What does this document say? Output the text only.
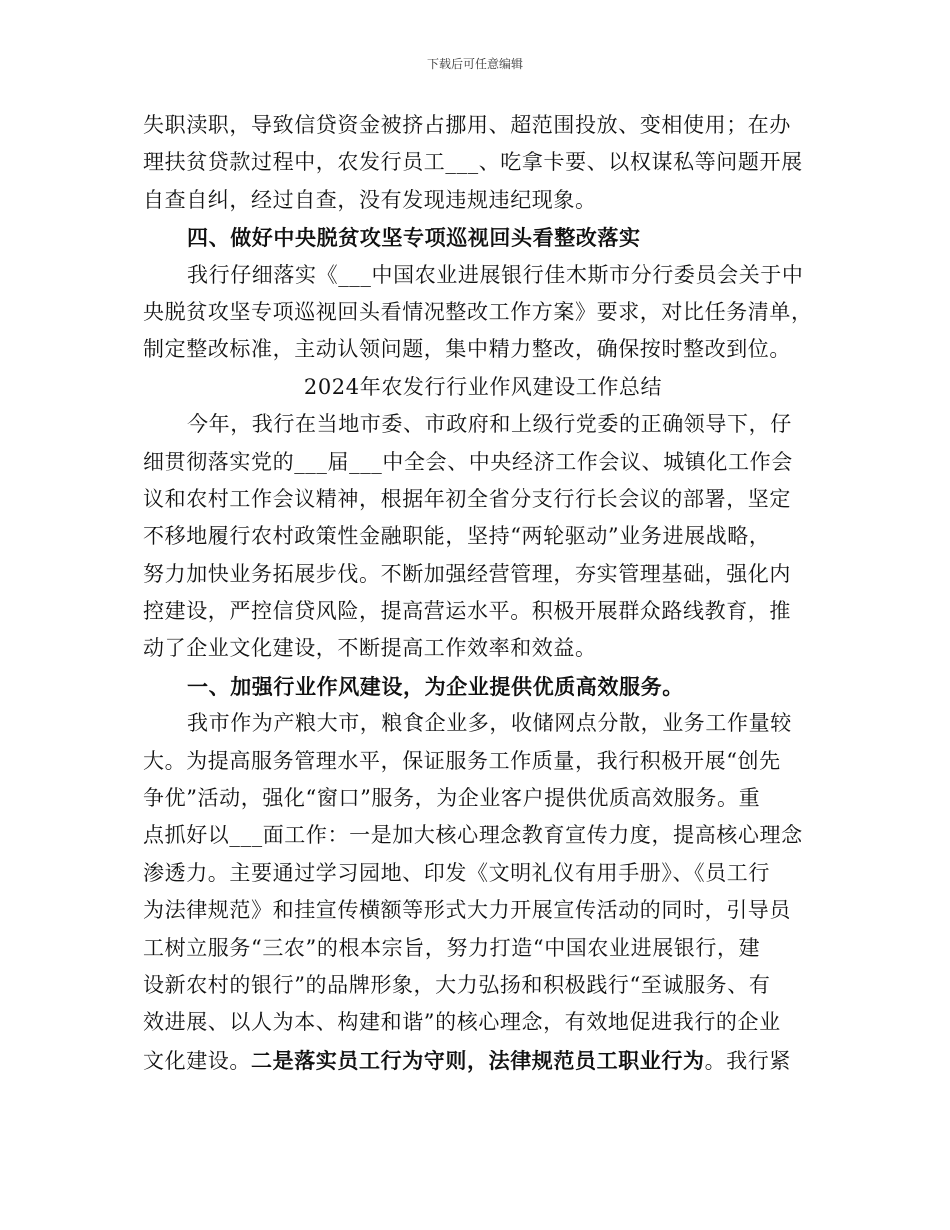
下载后可任意编辑
失职渎职，导致信贷资金被挤占挪用、超范围投放、变相使用；在办
理扶贫贷款过程中，农发行员工___、吃拿卡要、以权谋私等问题开展
自查自纠，经过自查，没有发现违规违纪现象。
四、做好中央脱贫攻坚专项巡视回头看整改落实
我行仔细落实《___中国农业进展银行佳木斯市分行委员会关于中
央脱贫攻坚专项巡视回头看情况整改工作方案》要求，对比任务清单，
制定整改标准，主动认领问题，集中精力整改，确保按时整改到位。
2024年农发行行业作风建设工作总结
今年，我行在当地市委、市政府和上级行党委的正确领导下，仔
细贯彻落实党的___届___中全会、中央经济工作会议、城镇化工作会
议和农村工作会议精神，根据年初全省分支行行长会议的部署，坚定
不移地履行农村政策性金融职能，坚持“两轮驱动”业务进展战略，
努力加快业务拓展步伐。不断加强经营管理，夯实管理基础，强化内
控建设，严控信贷风险，提高营运水平。积极开展群众路线教育，推
动了企业文化建设，不断提高工作效率和效益。
一、加强行业作风建设，为企业提供优质高效服务。
我市作为产粮大市，粮食企业多，收储网点分散，业务工作量较
大。为提高服务管理水平，保证服务工作质量，我行积极开展“创先
争优”活动，强化“窗口”服务，为企业客户提供优质高效服务。重
点抓好以___面工作：一是加大核心理念教育宣传力度，提高核心理念
渗透力。主要通过学习园地、印发《文明礼仪有用手册》、《员工行
为法律规范》和挂宣传横额等形式大力开展宣传活动的同时，引导员
工树立服务“三农”的根本宗旨，努力打造“中国农业进展银行，建
设新农村的银行”的品牌形象，大力弘扬和积极践行“至诚服务、有
效进展、以人为本、构建和谐”的核心理念，有效地促进我行的企业
文化建设。二是落实员工行为守则，法律规范员工职业行为。我行紧
